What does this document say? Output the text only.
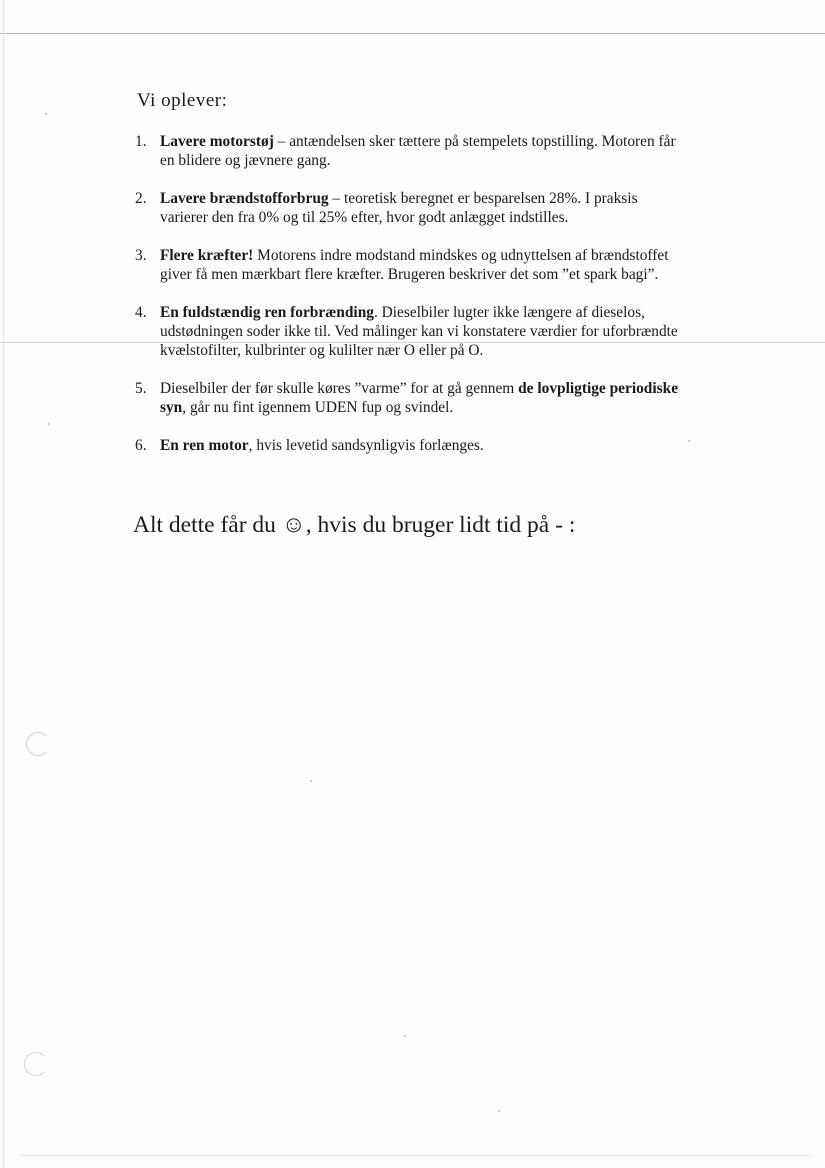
Vi oplever:
1. Lavere motorstøj – antændelsen sker tættere på stempelets topstilling. Motoren får
en blidere og jævnere gang.
2. Lavere brændstofforbrug – teoretisk beregnet er besparelsen 28%. I praksis
varierer den fra 0% og til 25% efter, hvor godt anlægget indstilles.
3. Flere kræfter! Motorens indre modstand mindskes og udnyttelsen af brændstoffet
giver få men mærkbart flere kræfter. Brugeren beskriver det som ”et spark bagi”.
4. En fuldstændig ren forbrænding. Dieselbiler lugter ikke længere af dieselos,
udstødningen soder ikke til. Ved målinger kan vi konstatere værdier for uforbrændte
kvælstofilter, kulbrinter og kulilter nær O eller på O.
5. Dieselbiler der før skulle køres ”varme” for at gå gennem de lovpligtige periodiske
syn, går nu fint igennem UDEN fup og svindel.
6. En ren motor, hvis levetid sandsynligvis forlænges.
Alt dette får du ☺, hvis du bruger lidt tid på - :
